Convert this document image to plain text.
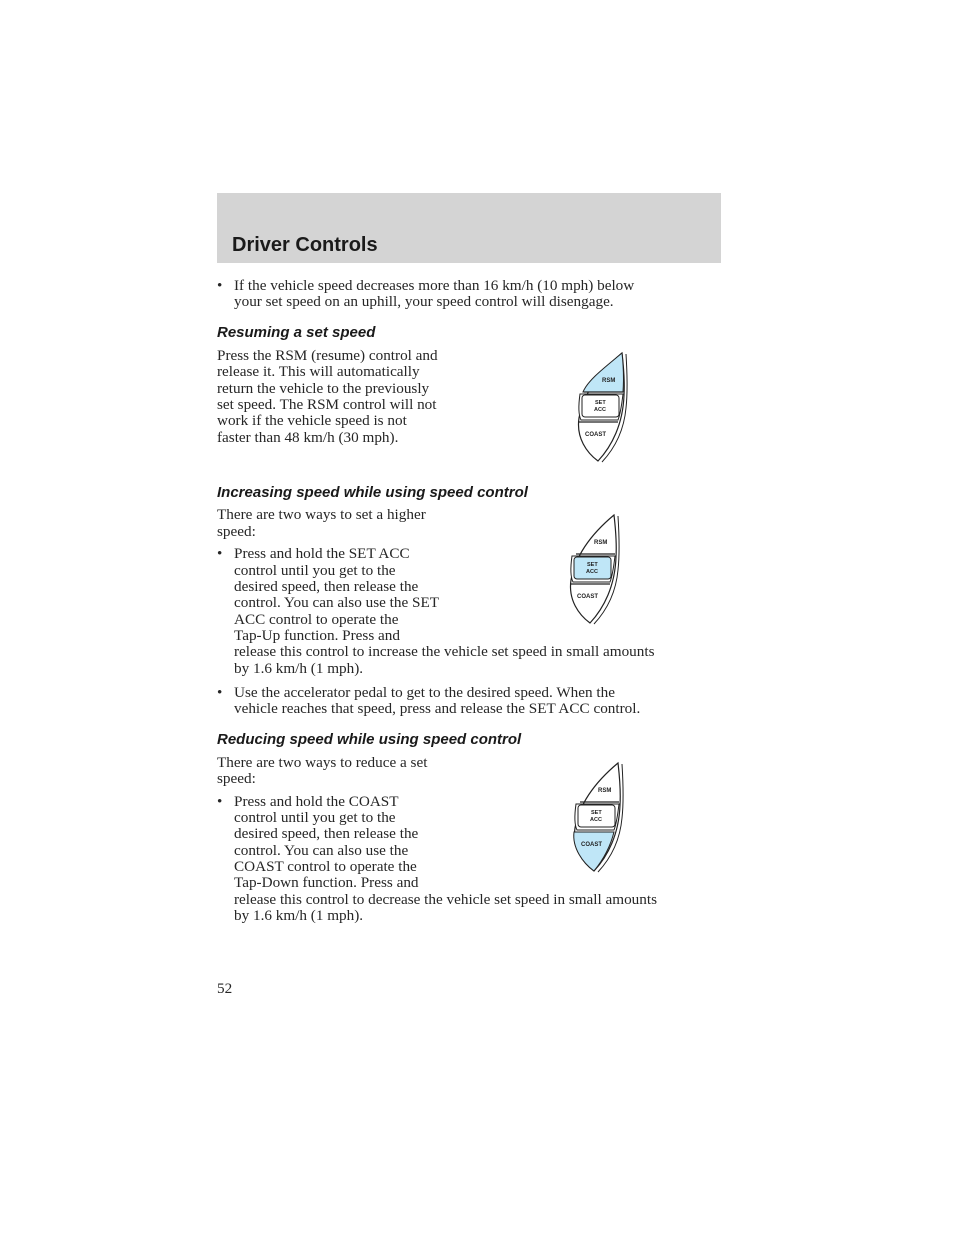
Driver Controls
• If the vehicle speed decreases more than 16 km/h (10 mph) below
your set speed on an uphill, your speed control will disengage.
Resuming a set speed
Press the RSM (resume) control and
release it. This will automatically
return the vehicle to the previously
set speed. The RSM control will not
work if the vehicle speed is not
faster than 48 km/h (30 mph).
RSM
SET
ACC
COAST
Increasing speed while using speed control
There are two ways to set a higher
speed:
• Press and hold the SET ACC
control until you get to the
desired speed, then release the
control. You can also use the SET
ACC control to operate the
Tap-Up function. Press and
release this control to increase the vehicle set speed in small amounts
by 1.6 km/h (1 mph).
• Use the accelerator pedal to get to the desired speed. When the
vehicle reaches that speed, press and release the SET ACC control.
RSM
SET
ACC
COAST
Reducing speed while using speed control
There are two ways to reduce a set
speed:
• Press and hold the COAST
control until you get to the
desired speed, then release the
control. You can also use the
COAST control to operate the
Tap-Down function. Press and
release this control to decrease the vehicle set speed in small amounts
by 1.6 km/h (1 mph).
RSM
SET
ACC
COAST
52
